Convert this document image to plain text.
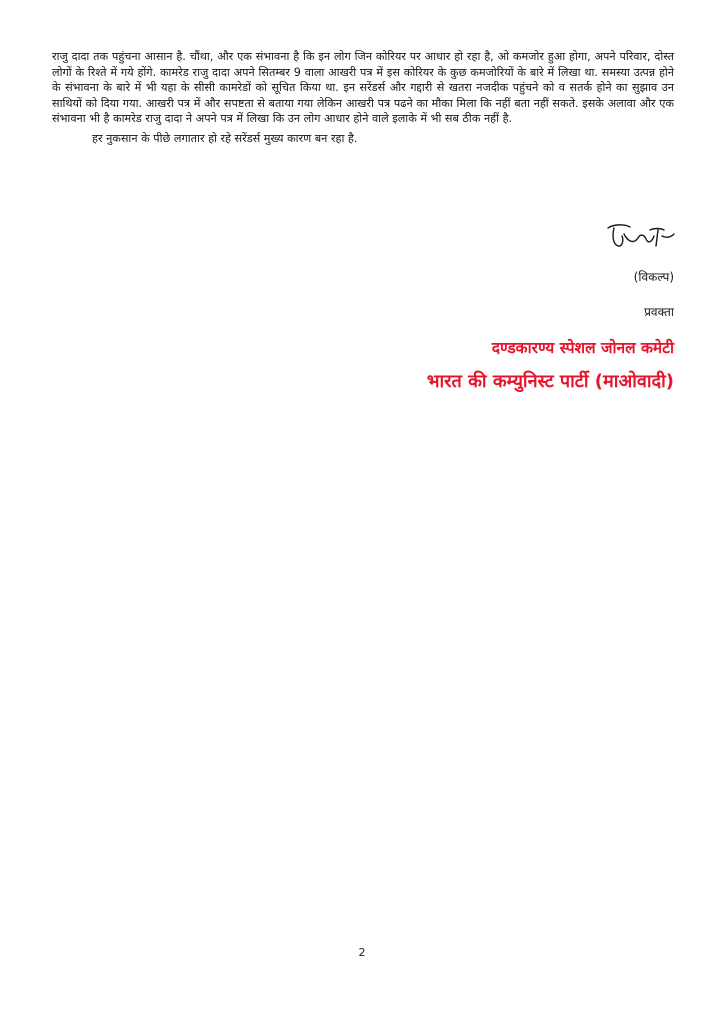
राजु दादा तक पहुंचना आसान है. चौंथा, और एक संभावना है कि इन लोग जिन कोरियर पर आधार हो रहा है, ओ कमजोर हुआ होगा, अपने परिवार, दोस्त लोगों के रिश्ते में गये होंगे. कामरेड राजु दादा अपने सितम्बर 9 वाला आखरी पत्र में इस कोरियर के कुछ कमजोरियों के बारे में लिखा था. समस्या उत्पन्न होने के संभावना के बारे में भी यहा के सीसी कामरेडों को सूचित किया था. इन सरेंडर्स और गद्दारी से खतरा नजदीक पहुंचने को व सतर्क होने का सुझाव उन साथियों को दिया गया. आखरी पत्र में और सपष्टता से बताया गया लेकिन आखरी पत्र पढने का मौका मिला कि नहीं बता नहीं सकते. इसके अलावा और एक संभावना भी है कामरेड राजु दादा ने अपने पत्र में लिखा कि उन लोग आधार होने वाले इलाके में भी सब ठीक नहीं है.

हर नुकसान के पीछे लगातार हो रहे सरेंडर्स मुख्य कारण बन रहा है.

(विकल्प)
प्रवक्ता
दण्डकारण्य स्पेशल जोनल कमेटी
भारत की कम्युनिस्ट पार्टी (माओवादी)
2
